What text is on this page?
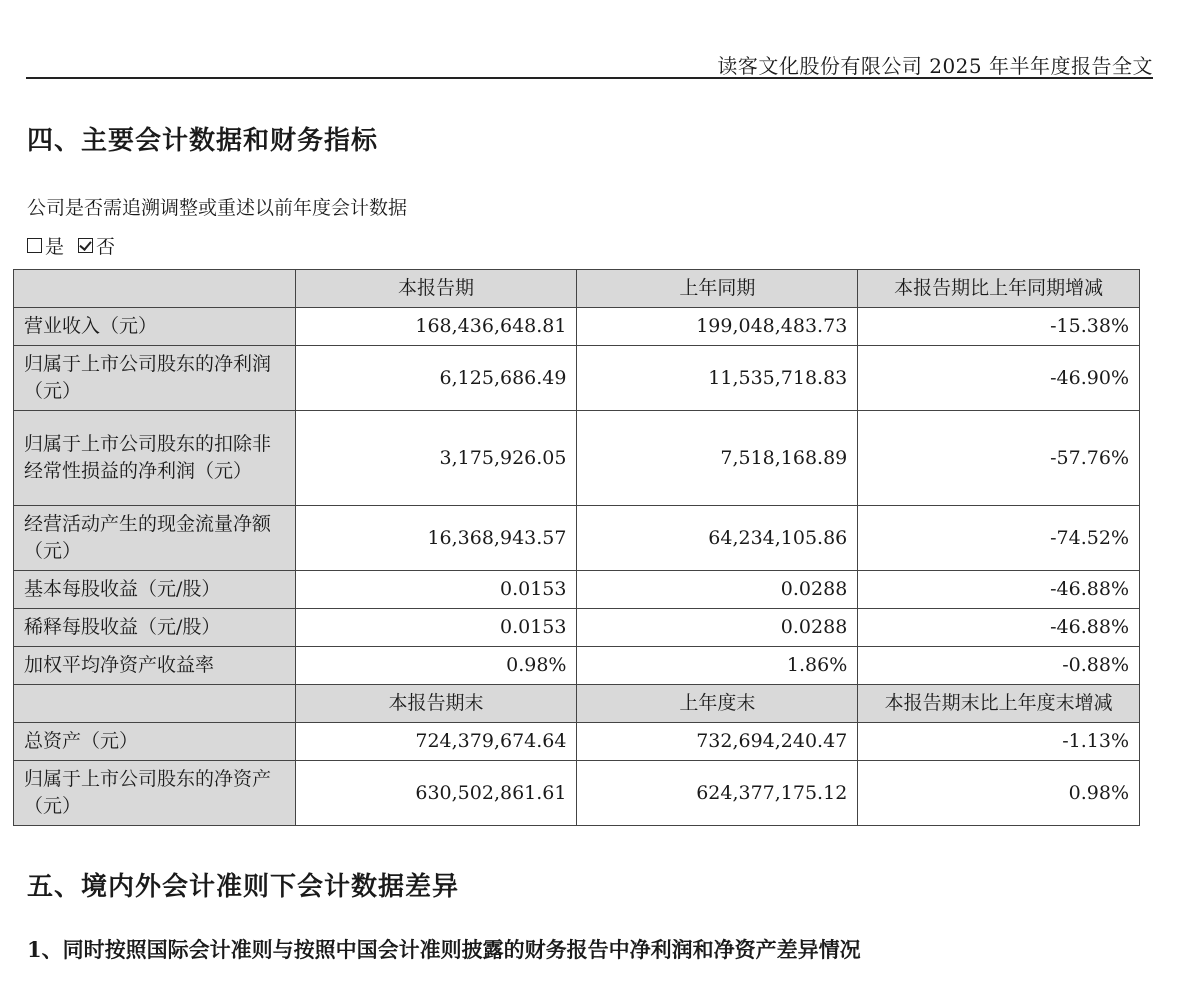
读客文化股份有限公司 2025 年半年度报告全文
四、主要会计数据和财务指标
公司是否需追溯调整或重述以前年度会计数据
是 否
	本报告期	上年同期	本报告期比上年同期增减
营业收入（元）	168,436,648.81	199,048,483.73	-15.38%
归属于上市公司股东的净利润（元）	6,125,686.49	11,535,718.83	-46.90%
归属于上市公司股东的扣除非经常性损益的净利润（元）	3,175,926.05	7,518,168.89	-57.76%
经营活动产生的现金流量净额（元）	16,368,943.57	64,234,105.86	-74.52%
基本每股收益（元/股）	0.0153	0.0288	-46.88%
稀释每股收益（元/股）	0.0153	0.0288	-46.88%
加权平均净资产收益率	0.98%	1.86%	-0.88%
	本报告期末	上年度末	本报告期末比上年度末增减
总资产（元）	724,379,674.64	732,694,240.47	-1.13%
归属于上市公司股东的净资产（元）	630,502,861.61	624,377,175.12	0.98%
五、境内外会计准则下会计数据差异
1、同时按照国际会计准则与按照中国会计准则披露的财务报告中净利润和净资产差异情况
